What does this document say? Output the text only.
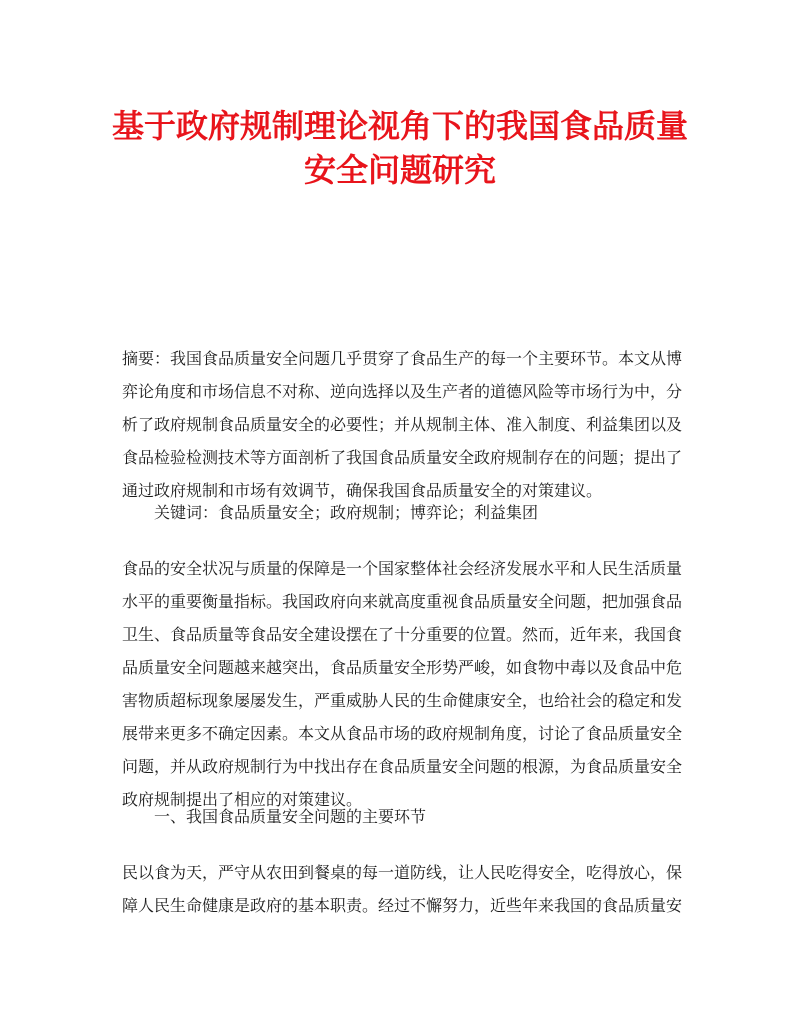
基于政府规制理论视角下的我国食品质量安全问题研究

摘要：我国食品质量安全问题几乎贯穿了食品生产的每一个主要环节。本文从博弈论角度和市场信息不对称、逆向选择以及生产者的道德风险等市场行为中，分析了政府规制食品质量安全的必要性；并从规制主体、准入制度、利益集团以及食品检验检测技术等方面剖析了我国食品质量安全政府规制存在的问题；提出了通过政府规制和市场有效调节，确保我国食品质量安全的对策建议。

关键词：食品质量安全；政府规制；博弈论；利益集团

食品的安全状况与质量的保障是一个国家整体社会经济发展水平和人民生活质量水平的重要衡量指标。我国政府向来就高度重视食品质量安全问题，把加强食品卫生、食品质量等食品安全建设摆在了十分重要的位置。然而，近年来，我国食品质量安全问题越来越突出，食品质量安全形势严峻，如食物中毒以及食品中危害物质超标现象屡屡发生，严重威胁人民的生命健康安全，也给社会的稳定和发展带来更多不确定因素。本文从食品市场的政府规制角度，讨论了食品质量安全问题，并从政府规制行为中找出存在食品质量安全问题的根源，为食品质量安全政府规制提出了相应的对策建议。

一、我国食品质量安全问题的主要环节

民以食为天，严守从农田到餐桌的每一道防线，让人民吃得安全，吃得放心，保障人民生命健康是政府的基本职责。经过不懈努力，近些年来我国的食品质量安
